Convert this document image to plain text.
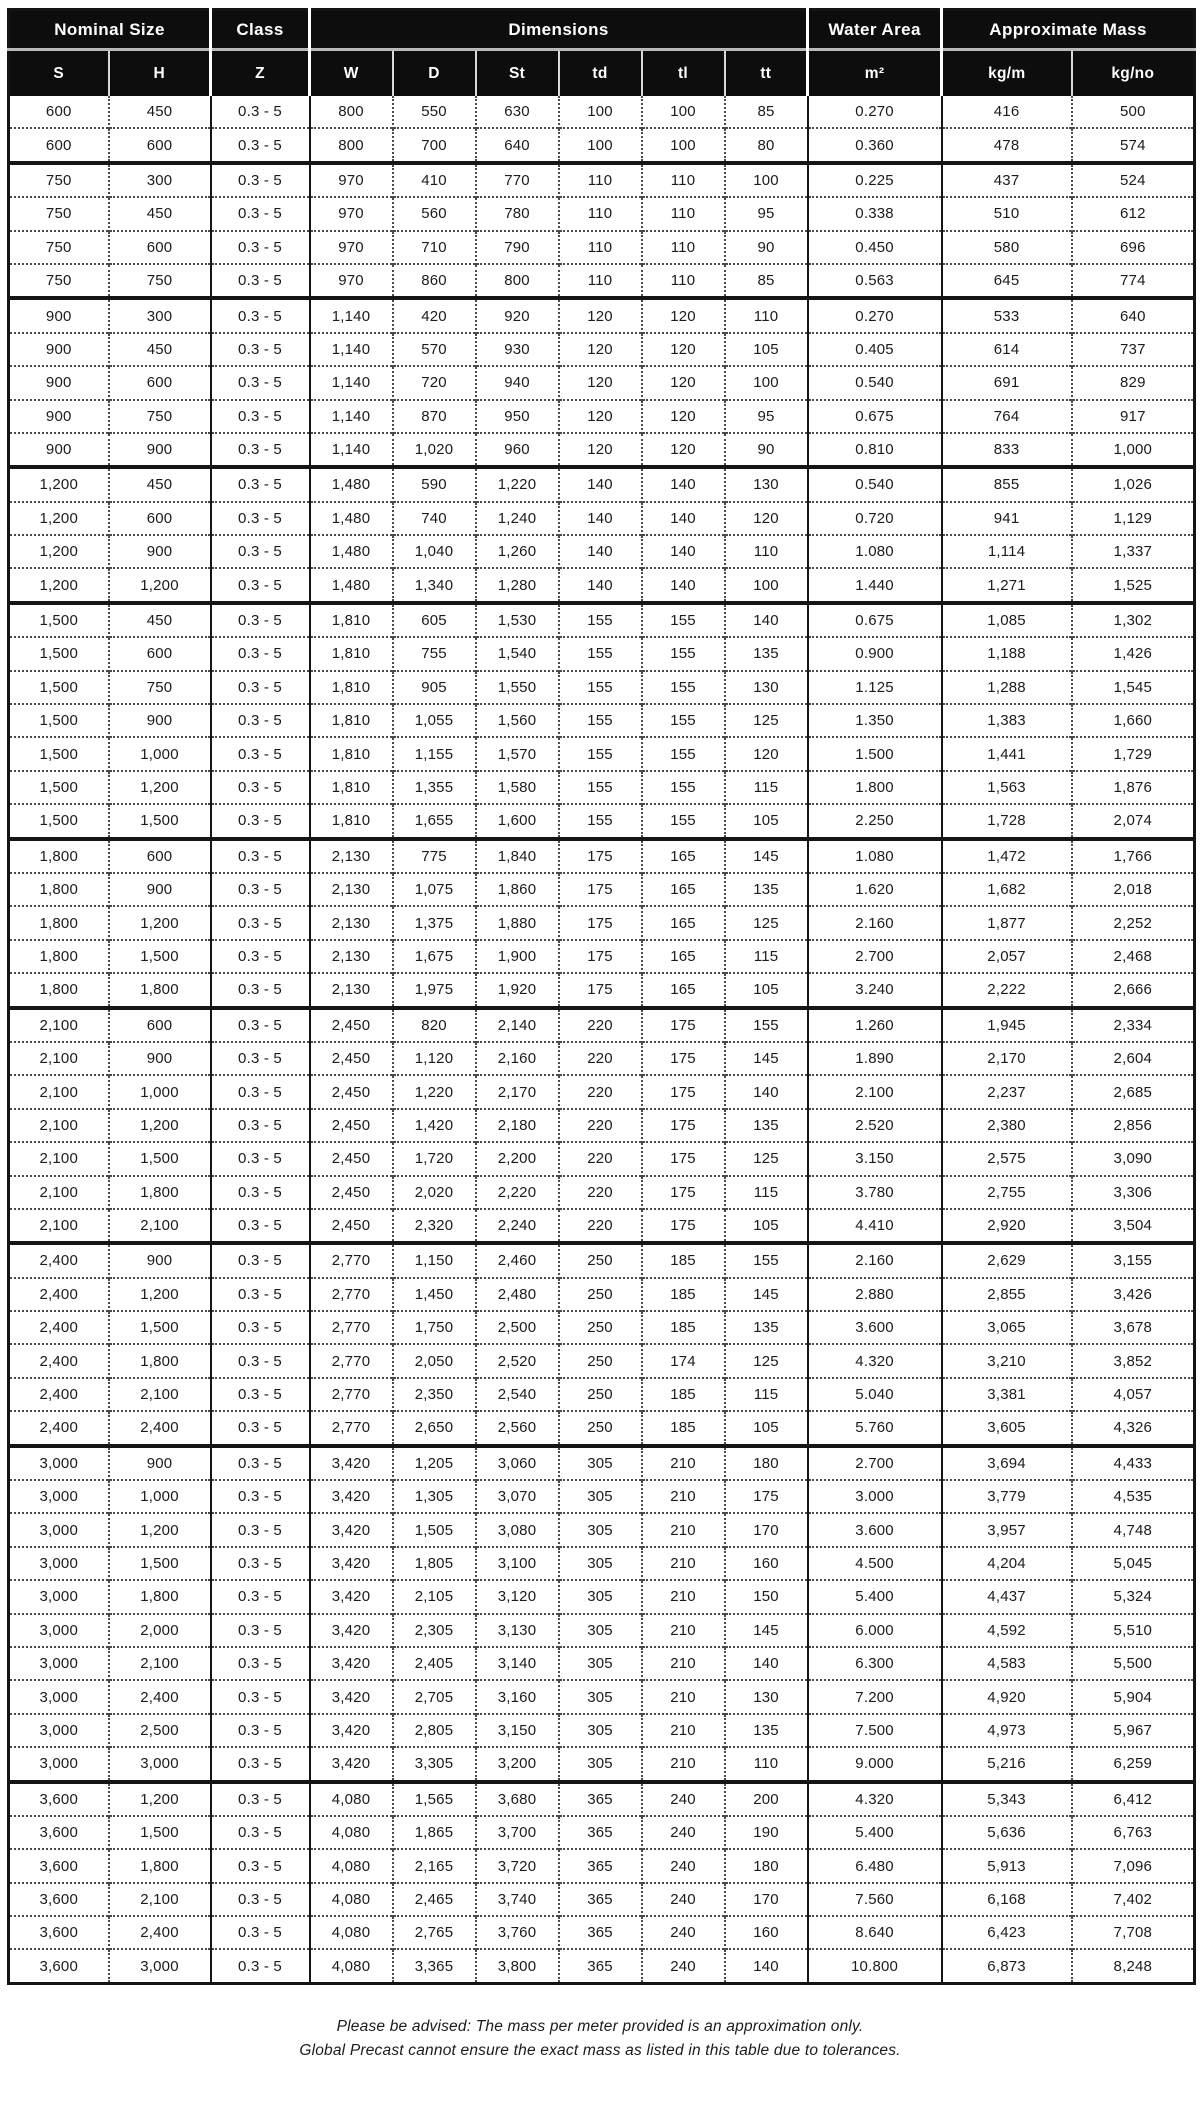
Nominal Size		Class	Dimensions						Water Area	Approximate Mass	
S	H	Z	W	D	St	td	tl	tt	m²	kg/m	kg/no
600	450	0.3 - 5	800	550	630	100	100	85	0.270	416	500
600	600	0.3 - 5	800	700	640	100	100	80	0.360	478	574
750	300	0.3 - 5	970	410	770	110	110	100	0.225	437	524
750	450	0.3 - 5	970	560	780	110	110	95	0.338	510	612
750	600	0.3 - 5	970	710	790	110	110	90	0.450	580	696
750	750	0.3 - 5	970	860	800	110	110	85	0.563	645	774
900	300	0.3 - 5	1,140	420	920	120	120	110	0.270	533	640
900	450	0.3 - 5	1,140	570	930	120	120	105	0.405	614	737
900	600	0.3 - 5	1,140	720	940	120	120	100	0.540	691	829
900	750	0.3 - 5	1,140	870	950	120	120	95	0.675	764	917
900	900	0.3 - 5	1,140	1,020	960	120	120	90	0.810	833	1,000
1,200	450	0.3 - 5	1,480	590	1,220	140	140	130	0.540	855	1,026
1,200	600	0.3 - 5	1,480	740	1,240	140	140	120	0.720	941	1,129
1,200	900	0.3 - 5	1,480	1,040	1,260	140	140	110	1.080	1,114	1,337
1,200	1,200	0.3 - 5	1,480	1,340	1,280	140	140	100	1.440	1,271	1,525
1,500	450	0.3 - 5	1,810	605	1,530	155	155	140	0.675	1,085	1,302
1,500	600	0.3 - 5	1,810	755	1,540	155	155	135	0.900	1,188	1,426
1,500	750	0.3 - 5	1,810	905	1,550	155	155	130	1.125	1,288	1,545
1,500	900	0.3 - 5	1,810	1,055	1,560	155	155	125	1.350	1,383	1,660
1,500	1,000	0.3 - 5	1,810	1,155	1,570	155	155	120	1.500	1,441	1,729
1,500	1,200	0.3 - 5	1,810	1,355	1,580	155	155	115	1.800	1,563	1,876
1,500	1,500	0.3 - 5	1,810	1,655	1,600	155	155	105	2.250	1,728	2,074
1,800	600	0.3 - 5	2,130	775	1,840	175	165	145	1.080	1,472	1,766
1,800	900	0.3 - 5	2,130	1,075	1,860	175	165	135	1.620	1,682	2,018
1,800	1,200	0.3 - 5	2,130	1,375	1,880	175	165	125	2.160	1,877	2,252
1,800	1,500	0.3 - 5	2,130	1,675	1,900	175	165	115	2.700	2,057	2,468
1,800	1,800	0.3 - 5	2,130	1,975	1,920	175	165	105	3.240	2,222	2,666
2,100	600	0.3 - 5	2,450	820	2,140	220	175	155	1.260	1,945	2,334
2,100	900	0.3 - 5	2,450	1,120	2,160	220	175	145	1.890	2,170	2,604
2,100	1,000	0.3 - 5	2,450	1,220	2,170	220	175	140	2.100	2,237	2,685
2,100	1,200	0.3 - 5	2,450	1,420	2,180	220	175	135	2.520	2,380	2,856
2,100	1,500	0.3 - 5	2,450	1,720	2,200	220	175	125	3.150	2,575	3,090
2,100	1,800	0.3 - 5	2,450	2,020	2,220	220	175	115	3.780	2,755	3,306
2,100	2,100	0.3 - 5	2,450	2,320	2,240	220	175	105	4.410	2,920	3,504
2,400	900	0.3 - 5	2,770	1,150	2,460	250	185	155	2.160	2,629	3,155
2,400	1,200	0.3 - 5	2,770	1,450	2,480	250	185	145	2.880	2,855	3,426
2,400	1,500	0.3 - 5	2,770	1,750	2,500	250	185	135	3.600	3,065	3,678
2,400	1,800	0.3 - 5	2,770	2,050	2,520	250	174	125	4.320	3,210	3,852
2,400	2,100	0.3 - 5	2,770	2,350	2,540	250	185	115	5.040	3,381	4,057
2,400	2,400	0.3 - 5	2,770	2,650	2,560	250	185	105	5.760	3,605	4,326
3,000	900	0.3 - 5	3,420	1,205	3,060	305	210	180	2.700	3,694	4,433
3,000	1,000	0.3 - 5	3,420	1,305	3,070	305	210	175	3.000	3,779	4,535
3,000	1,200	0.3 - 5	3,420	1,505	3,080	305	210	170	3.600	3,957	4,748
3,000	1,500	0.3 - 5	3,420	1,805	3,100	305	210	160	4.500	4,204	5,045
3,000	1,800	0.3 - 5	3,420	2,105	3,120	305	210	150	5.400	4,437	5,324
3,000	2,000	0.3 - 5	3,420	2,305	3,130	305	210	145	6.000	4,592	5,510
3,000	2,100	0.3 - 5	3,420	2,405	3,140	305	210	140	6.300	4,583	5,500
3,000	2,400	0.3 - 5	3,420	2,705	3,160	305	210	130	7.200	4,920	5,904
3,000	2,500	0.3 - 5	3,420	2,805	3,150	305	210	135	7.500	4,973	5,967
3,000	3,000	0.3 - 5	3,420	3,305	3,200	305	210	110	9.000	5,216	6,259
3,600	1,200	0.3 - 5	4,080	1,565	3,680	365	240	200	4.320	5,343	6,412
3,600	1,500	0.3 - 5	4,080	1,865	3,700	365	240	190	5.400	5,636	6,763
3,600	1,800	0.3 - 5	4,080	2,165	3,720	365	240	180	6.480	5,913	7,096
3,600	2,100	0.3 - 5	4,080	2,465	3,740	365	240	170	7.560	6,168	7,402
3,600	2,400	0.3 - 5	4,080	2,765	3,760	365	240	160	8.640	6,423	7,708
3,600	3,000	0.3 - 5	4,080	3,365	3,800	365	240	140	10.800	6,873	8,248
Please be advised: The mass per meter provided is an approximation only.
Global Precast cannot ensure the exact mass as listed in this table due to tolerances.
